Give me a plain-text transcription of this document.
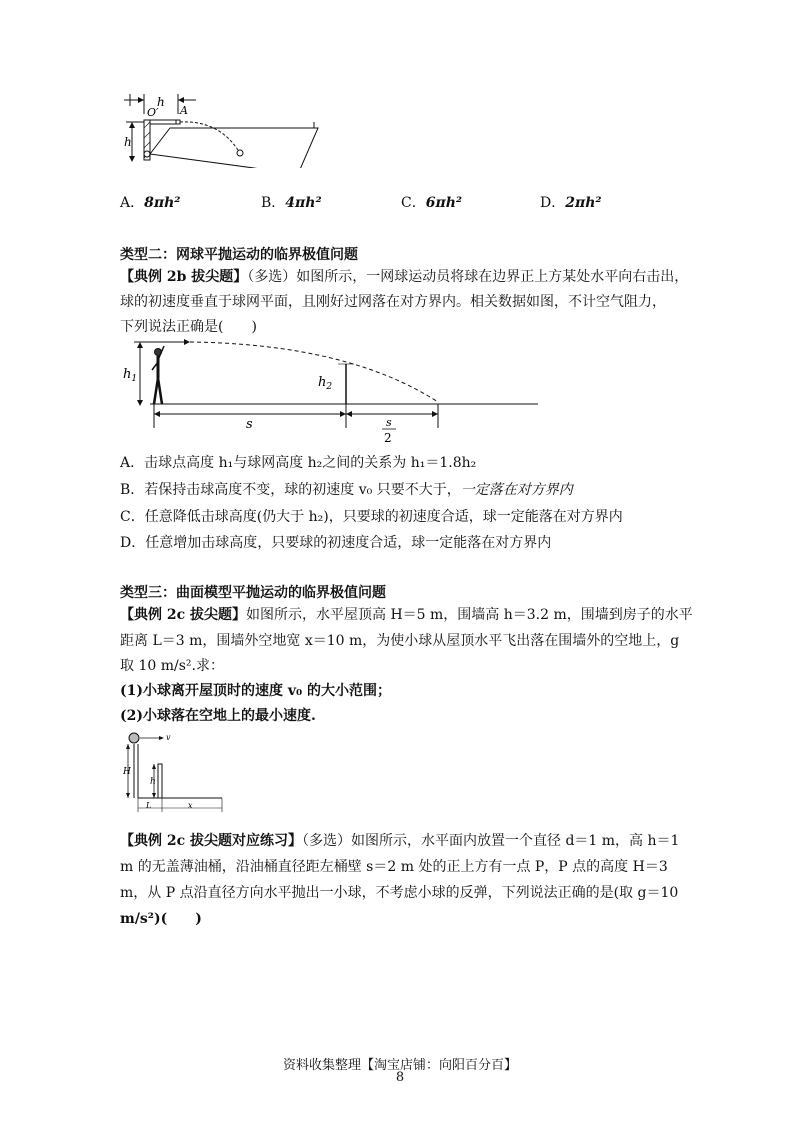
h
A
O′
h
A．8πh²	B．4πh²	C．6πh²	D．2πh²
类型二：网球平抛运动的临界极值问题
【典例 2b 拔尖题】（多选）如图所示，一网球运动员将球在边界正上方某处水平向右击出，
球的初速度垂直于球网平面，且刚好过网落在对方界内。相关数据如图，不计空气阻力，
下列说法正确是(　　)
$h_1$	$h_2$
s	s
2
A．击球点高度 h₁与球网高度 h₂之间的关系为 h₁＝1.8h₂
B．若保持击球高度不变，球的初速度 v₀ 只要不大于，一定落在对方界内
C．任意降低击球高度(仍大于 h₂)，只要球的初速度合适，球一定能落在对方界内
D．任意增加击球高度，只要球的初速度合适，球一定能落在对方界内
类型三：曲面模型平抛运动的临界极值问题
【典例 2c 拔尖题】如图所示，水平屋顶高 H＝5 m，围墙高 h＝3.2 m，围墙到房子的水平
距离 L＝3 m，围墙外空地宽 x＝10 m，为使小球从屋顶水平飞出落在围墙外的空地上，g
取 10 m/s².求：
(1)小球离开屋顶时的速度 v₀ 的大小范围；
(2)小球落在空地上的最小速度.
v
H
h
L	x
【典例 2c 拔尖题对应练习】（多选）如图所示，水平面内放置一个直径 d＝1 m，高 h＝1
m 的无盖薄油桶，沿油桶直径距左桶壁 s＝2 m 处的正上方有一点 P，P 点的高度 H＝3
m，从 P 点沿直径方向水平抛出一小球，不考虑小球的反弹，下列说法正确的是(取 g＝10
m/s²)(　　)
资料收集整理【淘宝店铺：向阳百分百】
8
